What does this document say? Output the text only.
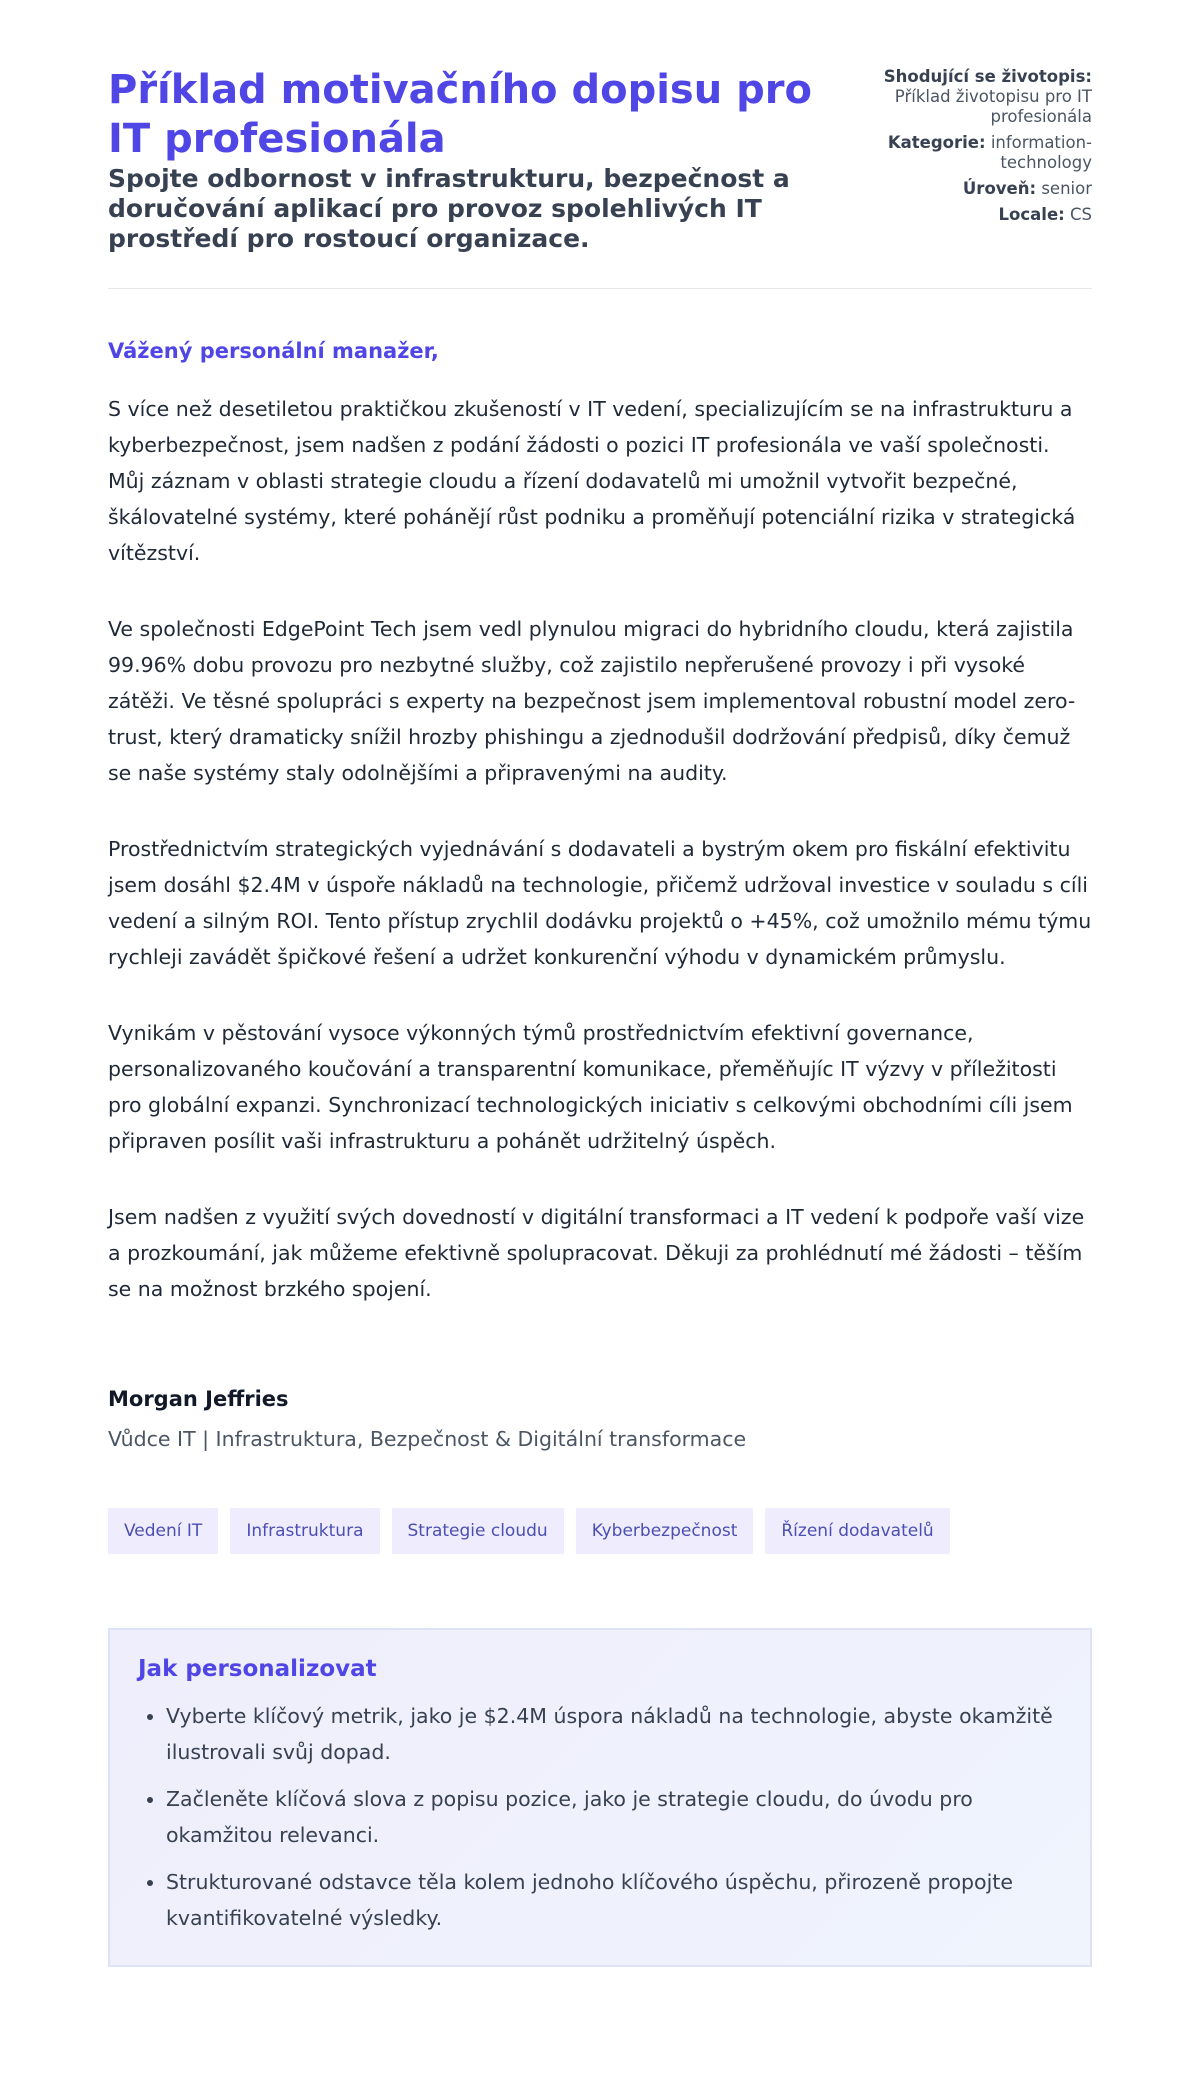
Příklad motivačního dopisu pro IT profesionála
Spojte odbornost v infrastrukturu, bezpečnost a doručování aplikací pro provoz spolehlivých IT prostředí pro rostoucí organizace.
Shodující se životopis: Příklad životopisu pro IT profesionála
Kategorie: information-technology
Úroveň: senior
Locale: CS

Vážený personální manažer,

S více než desetiletou praktičkou zkušeností v IT vedení, specializujícím se na infrastrukturu a kyberbezpečnost, jsem nadšen z podání žádosti o pozici IT profesionála ve vaší společnosti. Můj záznam v oblasti strategie cloudu a řízení dodavatelů mi umožnil vytvořit bezpečné, škálovatelné systémy, které pohánějí růst podniku a proměňují potenciální rizika v strategická vítězství.

Ve společnosti EdgePoint Tech jsem vedl plynulou migraci do hybridního cloudu, která zajistila 99.96% dobu provozu pro nezbytné služby, což zajistilo nepřerušené provozy i při vysoké zátěži. Ve těsné spolupráci s experty na bezpečnost jsem implementoval robustní model zero-trust, který dramaticky snížil hrozby phishingu a zjednodušil dodržování předpisů, díky čemuž se naše systémy staly odolnějšími a připravenými na audity.

Prostřednictvím strategických vyjednávání s dodavateli a bystrým okem pro fiskální efektivitu jsem dosáhl $2.4M v úspoře nákladů na technologie, přičemž udržoval investice v souladu s cíli vedení a silným ROI. Tento přístup zrychlil dodávku projektů o +45%, což umožnilo mému týmu rychleji zavádět špičkové řešení a udržet konkurenční výhodu v dynamickém průmyslu.

Vynikám v pěstování vysoce výkonných týmů prostřednictvím efektivní governance, personalizovaného koučování a transparentní komunikace, přeměňujíc IT výzvy v příležitosti pro globální expanzi. Synchronizací technologických iniciativ s celkovými obchodními cíli jsem připraven posílit vaši infrastrukturu a pohánět udržitelný úspěch.

Jsem nadšen z využití svých dovedností v digitální transformaci a IT vedení k podpoře vaší vize a prozkoumání, jak můžeme efektivně spolupracovat. Děkuji za prohlédnutí mé žádosti – těším se na možnost brzkého spojení.

Morgan Jeffries

Vůdce IT | Infrastruktura, Bezpečnost & Digitální transformace

Vedení IT	Infrastruktura	Strategie cloudu	Kyberbezpečnost	Řízení dodavatelů
Jak personalizovat
• Vyberte klíčový metrik, jako je $2.4M úspora nákladů na technologie, abyste okamžitě ilustrovali svůj dopad.
• Začleněte klíčová slova z popisu pozice, jako je strategie cloudu, do úvodu pro okamžitou relevanci.
• Strukturované odstavce těla kolem jednoho klíčového úspěchu, přirozeně propojte kvantifikovatelné výsledky.
